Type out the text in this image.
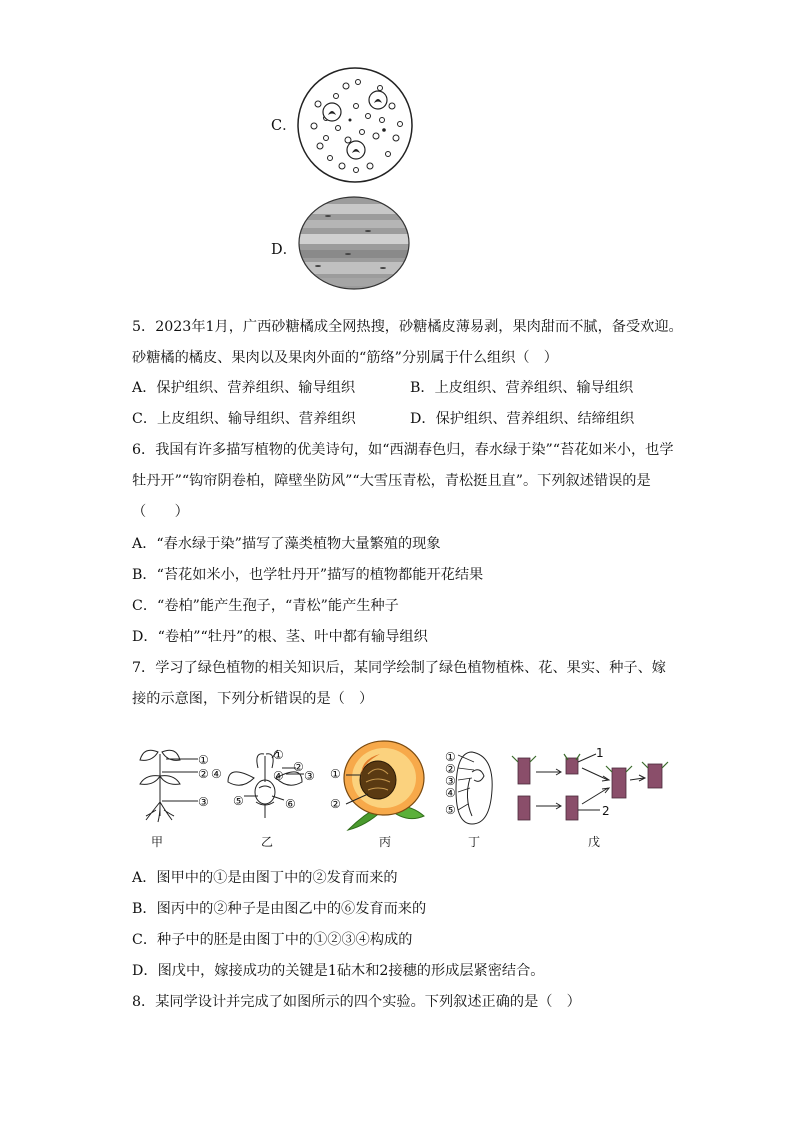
C．
D．
5．2023年1月，广西砂糖橘成全网热搜，砂糖橘皮薄易剥，果肉甜而不腻，备受欢迎。
砂糖橘的橘皮、果肉以及果肉外面的“筋络”分别属于什么组织（　）
A．保护组织、营养组织、输导组织	B．上皮组织、营养组织、输导组织
C．上皮组织、输导组织、营养组织	D．保护组织、营养组织、结缔组织
6．我国有许多描写植物的优美诗句，如“西湖春色归，春水绿于染”“苔花如米小，也学
牡丹开”“钩帘阴卷柏，障壁坐防风”“大雪压青松，青松挺且直”。下列叙述错误的是
（　　）
A．“春水绿于染”描写了藻类植物大量繁殖的现象
B．“苔花如米小，也学牡丹开”描写的植物都能开花结果
C．“卷柏”能产生孢子，“青松”能产生种子
D．“卷柏”“牡丹”的根、茎、叶中都有输导组织
7．学习了绿色植物的相关知识后，某同学绘制了绿色植物植株、花、果实、种子、嫁
接的示意图，下列分析错误的是（　）
①
② ④
③
①
②
④ ③
⑤	⑥
①
②
①
②
③
④
⑤
1
2
甲	乙	丙	丁	戊
A．图甲中的①是由图丁中的②发育而来的
B．图丙中的②种子是由图乙中的⑥发育而来的
C．种子中的胚是由图丁中的①②③④构成的
D．图戊中，嫁接成功的关键是1砧木和2接穗的形成层紧密结合。
8．某同学设计并完成了如图所示的四个实验。下列叙述正确的是（　）
